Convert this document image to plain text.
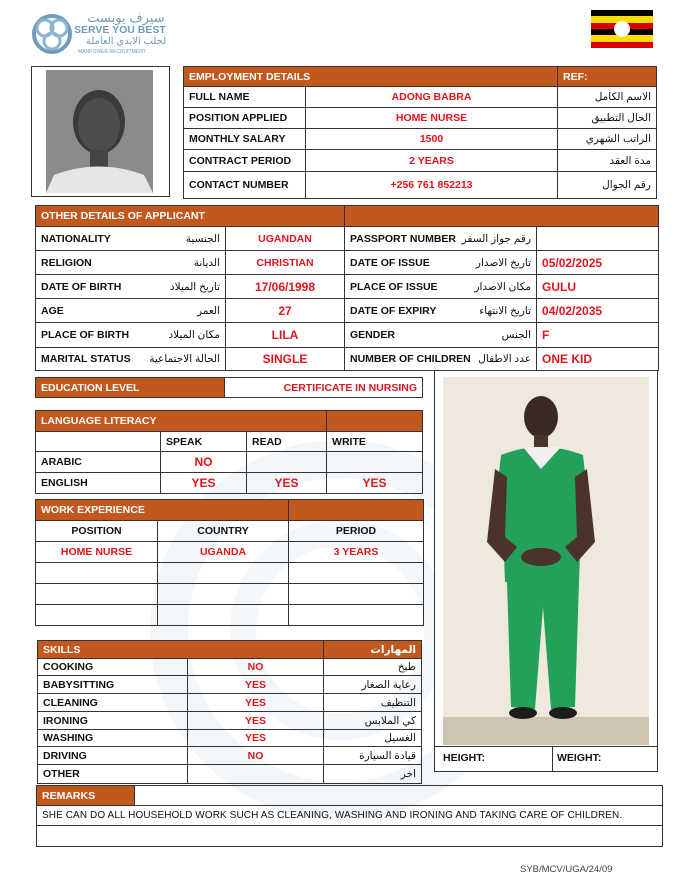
سيرف يوبست
SERVE YOU BEST
لجلب الايدي العاملة
MANPOWER RECRUITMENT
EMPLOYMENT DETAILS		REF:
FULL NAME	ADONG BABRA	الاسم الكامل
POSITION APPLIED	HOME NURSE	الحال التطبيق
MONTHLY SALARY	1500	الراتب الشهري
CONTRACT PERIOD	2 YEARS	مدة العقد
CONTACT NUMBER	+256 761 852213	رقم الجوال
OTHER DETAILS OF APPLICANT			

NATIONALITY الجنسية	UGANDAN	PASSPORT NUMBER رقم جواز السفر	

RELIGION الديانة	CHRISTIAN	DATE OF ISSUE تاريخ الاصدار	05/02/2025

DATE OF BIRTH تاريخ الميلاد	17/06/1998	PLACE OF ISSUE مكان الاصدار	GULU

AGE العمر	27	DATE OF EXPIRY تاريخ الانتهاء	04/02/2035

PLACE OF BIRTH مكان الميلاد	LILA	GENDER الجنس	F

MARITAL STATUS الحالة الاجتماعية	SINGLE	NUMBER OF CHILDREN عدد الاطفال	ONE KID
EDUCATION LEVEL	CERTIFICATE IN NURSING
LANGUAGE LITERACY			
	SPEAK	READ	WRITE
ARABIC	NO		
ENGLISH	YES	YES	YES
WORK EXPERIENCE		
POSITION	COUNTRY	PERIOD
HOME NURSE	UGANDA	3 YEARS

SKILLS		المهارات
COOKING	NO	طبخ
BABYSITTING	YES	رعاية الصغار
CLEANING	YES	التنظيف
IRONING	YES	كي الملابس
WASHING	YES	الغسيل
DRIVING	NO	قيادة السيارة
OTHER		اخر
HEIGHT:	WEIGHT:
REMARKS	
SHE CAN DO ALL HOUSEHOLD WORK SUCH AS CLEANING, WASHING AND IRONING AND TAKING CARE OF CHILDREN.

SYB/MCV/UGA/24/09
